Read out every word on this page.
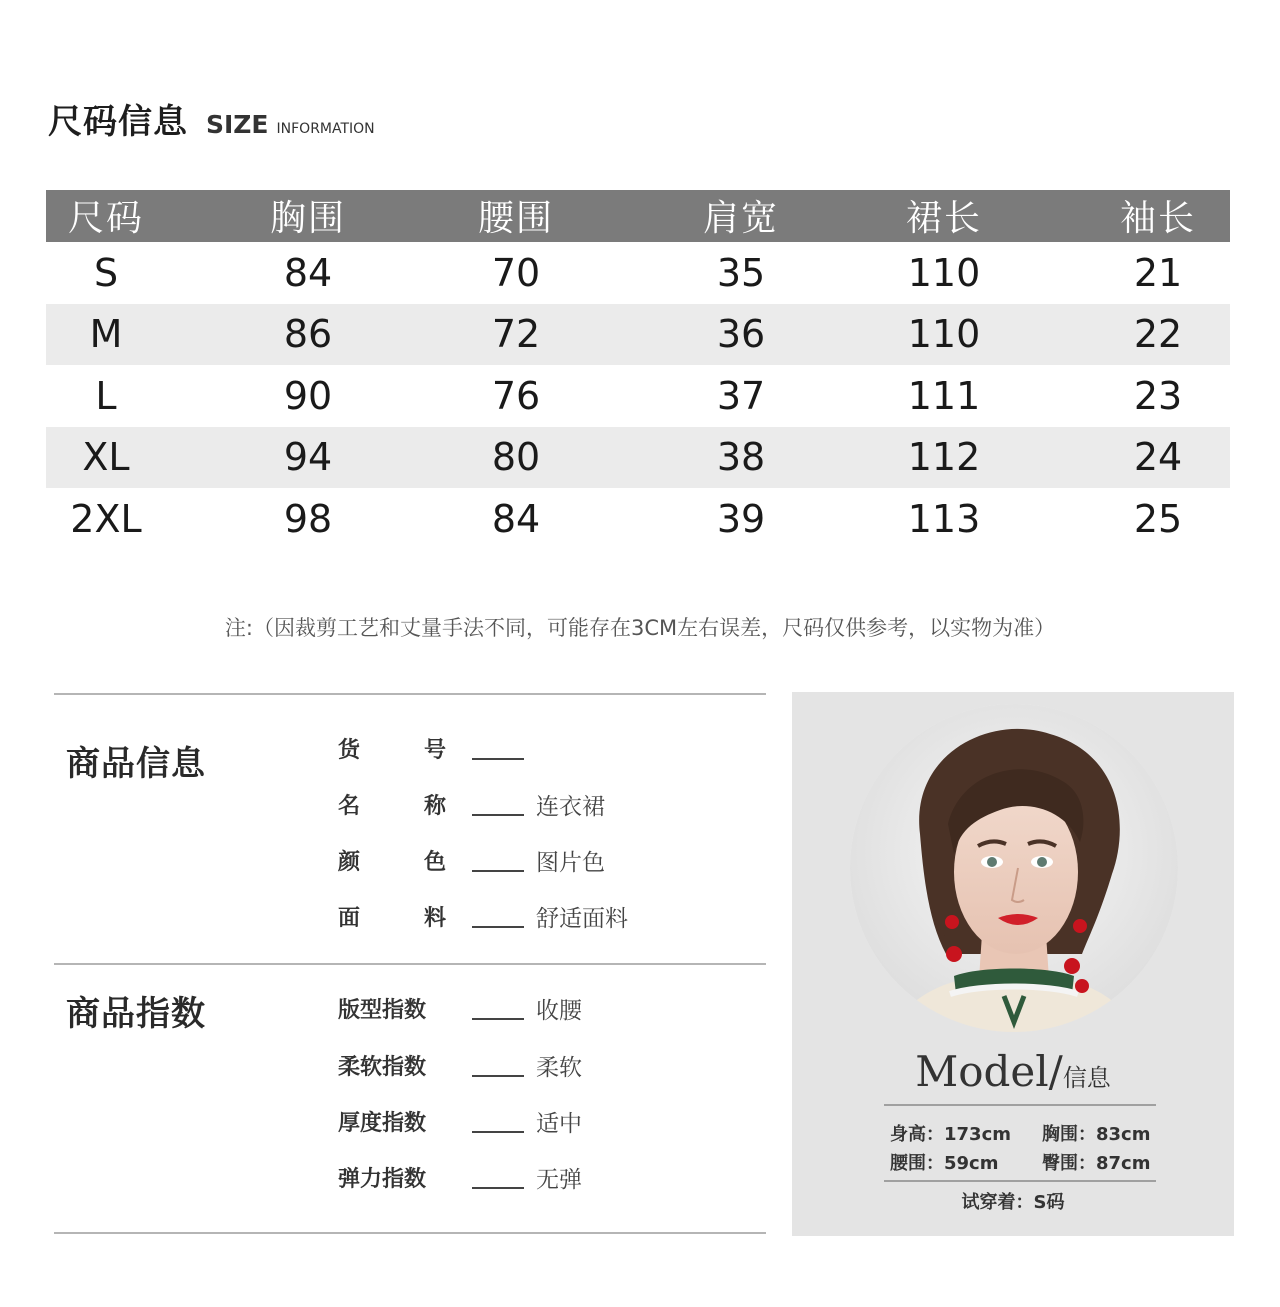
尺码信息 SIZE INFORMATION
尺码	胸围	腰围	肩宽	裙长	袖长
S	84	70	35	110	21
M	86	72	36	110	22
L	90	76	37	111	23
XL	94	80	38	112	24
2XL	98	84	39	113	25
注:（因裁剪工艺和丈量手法不同，可能存在3CM左右误差，尺码仅供参考，以实物为准）
商品信息	货	号
名	称	连衣裙
颜	色	图片色
面	料	舒适面料
商品指数	版型指数	收腰
柔软指数	柔软
厚度指数	适中
弹力指数	无弹
Model/信息
身高：173cm 胸围：83cm
腰围：59cm 臀围：87cm
试穿着：S码
